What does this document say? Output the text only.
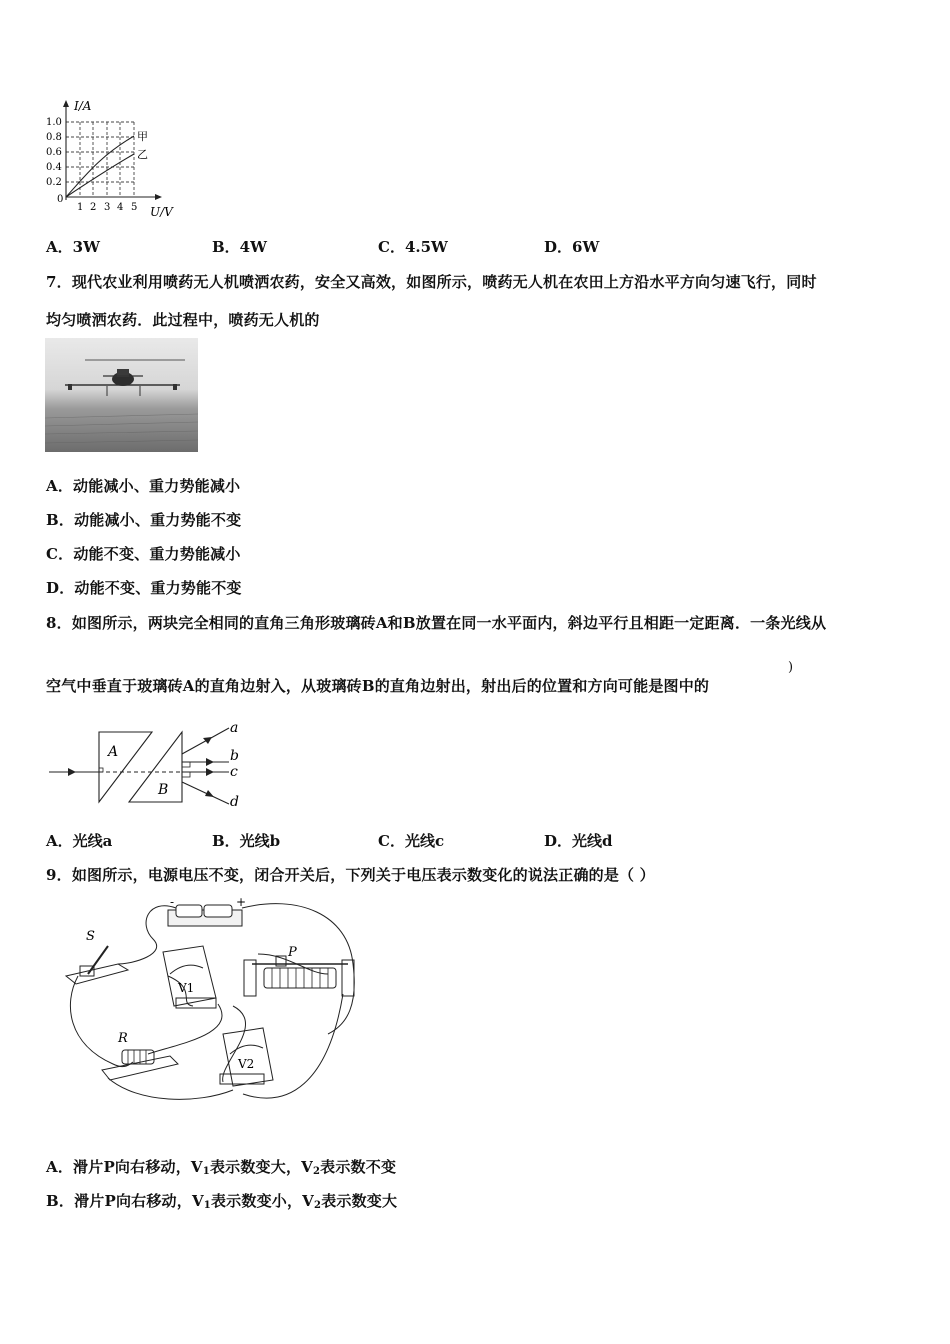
I/A
U/V
1.0
0.8
0.6
0.4
0.2
0
1 2 3 4 5
甲
乙
A．3W	B．4W	C．4.5W	D．6W
7．现代农业利用喷药无人机喷洒农药，安全又高效，如图所示，喷药无人机在农田上方沿水平方向匀速飞行，同时
均匀喷洒农药．此过程中，喷药无人机的
A．动能减小、重力势能减小
B．动能减小、重力势能不变
C．动能不变、重力势能减小
D．动能不变、重力势能不变
8．如图所示，两块完全相同的直角三角形玻璃砖A和B放置在同一水平面内，斜边平行且相距一定距离．一条光线从
空气中垂直于玻璃砖A的直角边射入，从玻璃砖B的直角边射出，射出后的位置和方向可能是图中的
)
A
B
a
b
c
d
A．光线a	B．光线b	C．光线c	D．光线d
9．如图所示，电源电压不变，闭合开关后，下列关于电压表示数变化的说法正确的是（ ）
S
P
R
V1
V2
-	+
A．滑片P向右移动，$V_1$表示数变大，$V_2$表示数不变
B．滑片P向右移动，$V_1$表示数变小，$V_2$表示数变大
